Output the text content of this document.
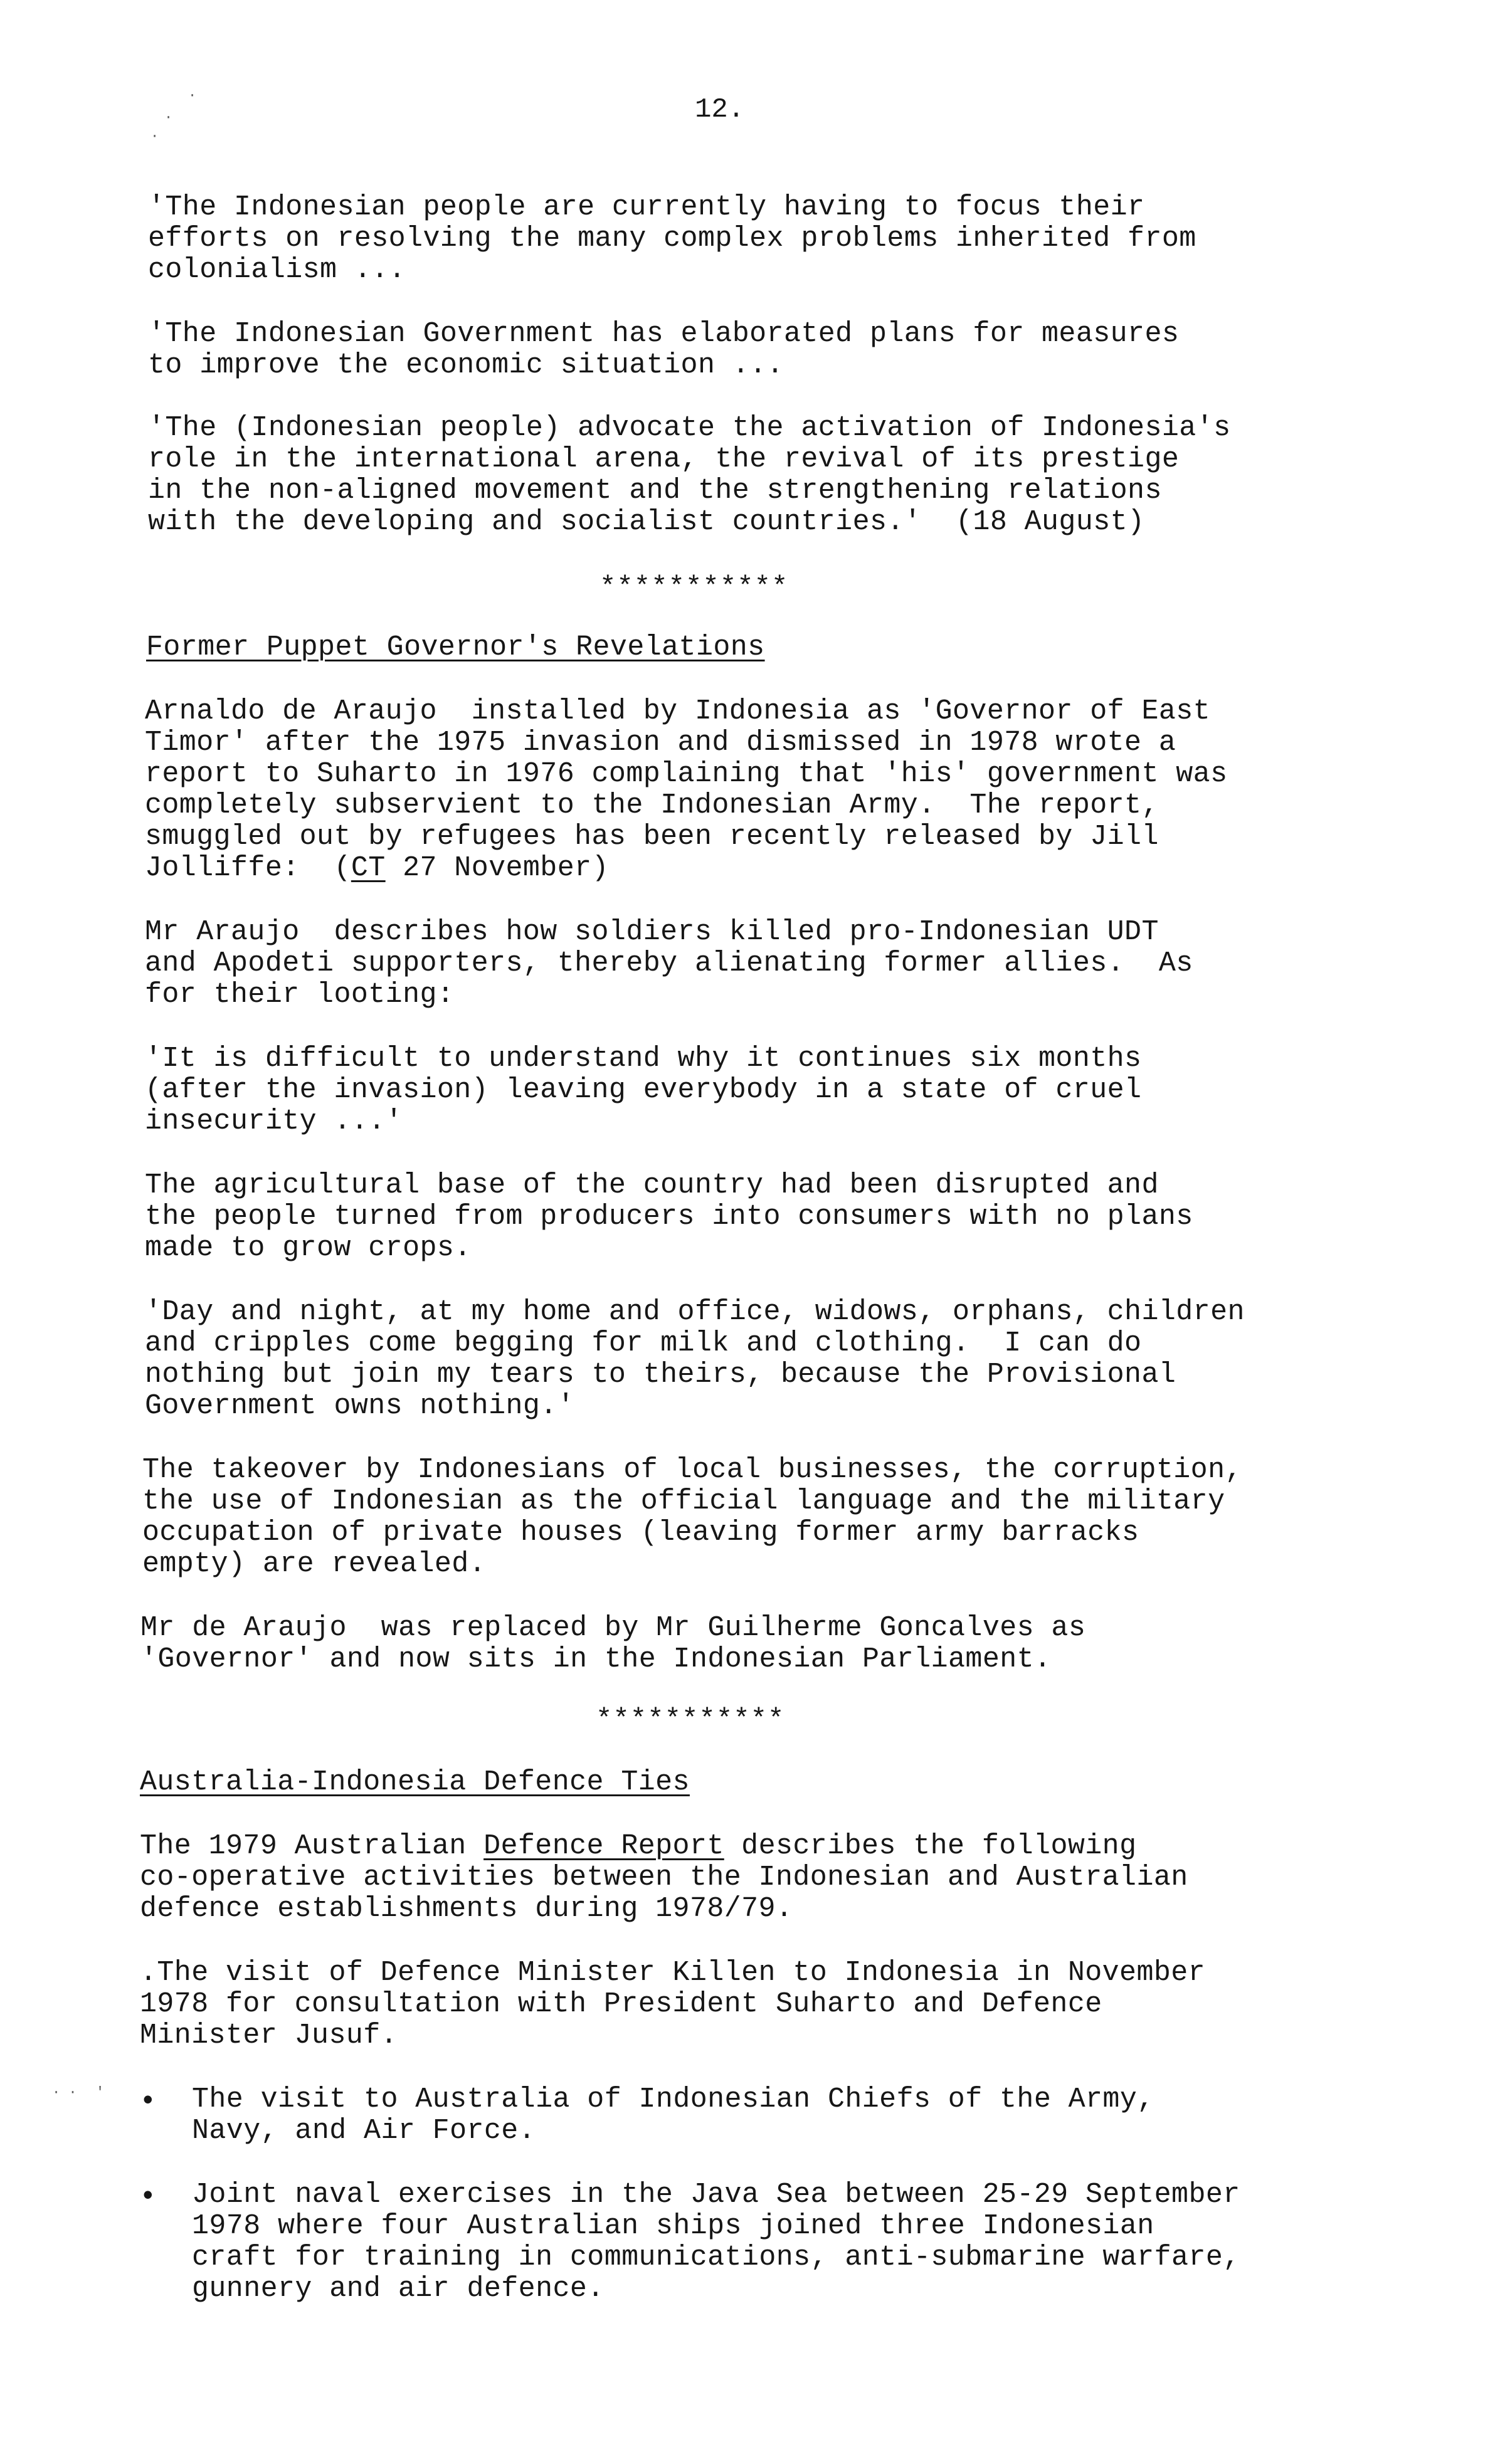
·
·
·
12.

'The Indonesian people are currently having to focus their
efforts on resolving the many complex problems inherited from
colonialism ...

'The Indonesian Government has elaborated plans for measures
to improve the economic situation ...

'The (Indonesian people) advocate the activation of Indonesia's
role in the international arena, the revival of its prestige
in the non-aligned movement and the strengthening relations
with the developing and socialist countries.'  (18 August)

***********

Former Puppet Governor's Revelations

Arnaldo de Araujo  installed by Indonesia as 'Governor of East
Timor' after the 1975 invasion and dismissed in 1978 wrote a
report to Suharto in 1976 complaining that 'his' government was
completely subservient to the Indonesian Army.  The report,
smuggled out by refugees has been recently released by Jill
Jolliffe:  (CT 27 November)

Mr Araujo  describes how soldiers killed pro-Indonesian UDT
and Apodeti supporters, thereby alienating former allies.  As
for their looting:

'It is difficult to understand why it continues six months
(after the invasion) leaving everybody in a state of cruel
insecurity ...'

The agricultural base of the country had been disrupted and
the people turned from producers into consumers with no plans
made to grow crops.

'Day and night, at my home and office, widows, orphans, children
and cripples come begging for milk and clothing.  I can do
nothing but join my tears to theirs, because the Provisional
Government owns nothing.'

The takeover by Indonesians of local businesses, the corruption,
the use of Indonesian as the official language and the military
occupation of private houses (leaving former army barracks
empty) are revealed.

Mr de Araujo  was replaced by Mr Guilherme Goncalves as
'Governor' and now sits in the Indonesian Parliament.

***********

Australia-Indonesia Defence Ties

The 1979 Australian Defence Report describes the following
co-operative activities between the Indonesian and Australian
defence establishments during 1978/79.

.The visit of Defence Minister Killen to Indonesia in November
1978 for consultation with President Suharto and Defence
Minister Jusuf.

· · ' • The visit to Australia of Indonesian Chiefs of the Army,
Navy, and Air Force.

• Joint naval exercises in the Java Sea between 25-29 September
1978 where four Australian ships joined three Indonesian
craft for training in communications, anti-submarine warfare,
gunnery and air defence.
